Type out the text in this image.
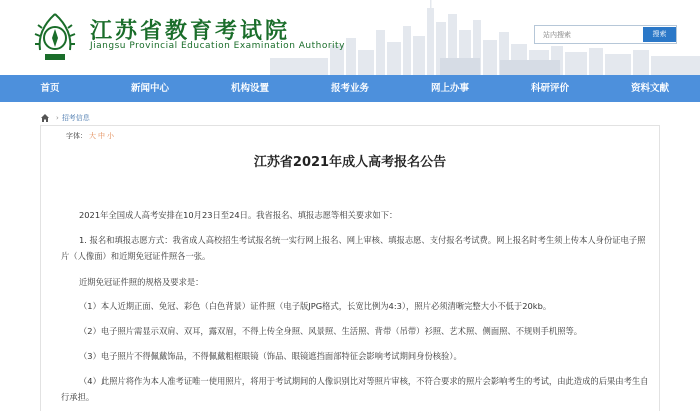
江苏省教育考试院
Jiangsu Provincial Education Examination Authority
站内搜索
搜索
首页	新闻中心	机构设置	报考业务	网上办事	科研评价	资料文献
› 招考信息
字体： 大 中 小
江苏省2021年成人高考报名公告

2021年全国成人高考安排在10月23日至24日。我省报名、填报志愿等相关要求如下：

1. 报名和填报志愿方式：我省成人高校招生考试报名统一实行网上报名、网上审核、填报志愿、支付报名考试费。网上报名时考生须上传本人身份证电子照片（人像面）和近期免冠证件照各一张。

近期免冠证件照的规格及要求是：

（1）本人近期正面、免冠、彩色（白色背景）证件照（电子版JPG格式，长宽比例为4:3），照片必须清晰完整大小不低于20kb。

（2）电子照片需显示双肩、双耳，露双眉，不得上传全身照、风景照、生活照、背带（吊带）衫照、艺术照、侧面照、不规则手机照等。

（3）电子照片不得佩戴饰品，不得佩戴粗框眼镜（饰品、眼镜遮挡面部特征会影响考试期间身份核验）。

（4）此照片将作为本人准考证唯一使用照片，将用于考试期间的人像识别比对等照片审核，不符合要求的照片会影响考生的考试，由此造成的后果由考生自行承担。
